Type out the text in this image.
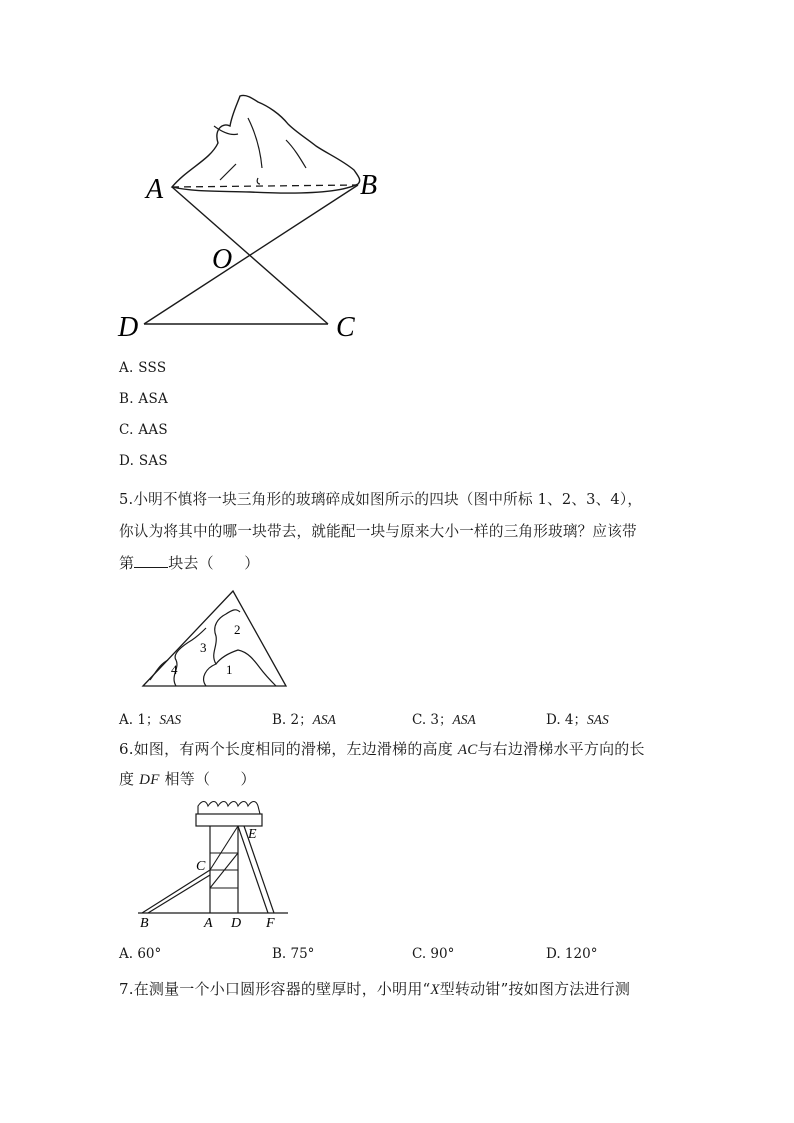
A	B
O
D	C
A. SSS
B. ASA
C. AAS
D. SAS
5.小明不慎将一块三角形的玻璃碎成如图所示的四块（图中所标 1、2、3、4），
你认为将其中的哪一块带去，就能配一块与原来大小一样的三角形玻璃？应该带
第 块去（　　）
4
3
2
1
A. 1；SAS	B. 2；ASA	C. 3；ASA	D. 4；SAS
6.如图，有两个长度相同的滑梯，左边滑梯的高度 AC与右边滑梯水平方向的长
度 DF 相等（　　）
C
E
B	A D F
A. 60°	B. 75°	C. 90°	D. 120°
7.在测量一个小口圆形容器的壁厚时，小明用“X型转动钳”按如图方法进行测
